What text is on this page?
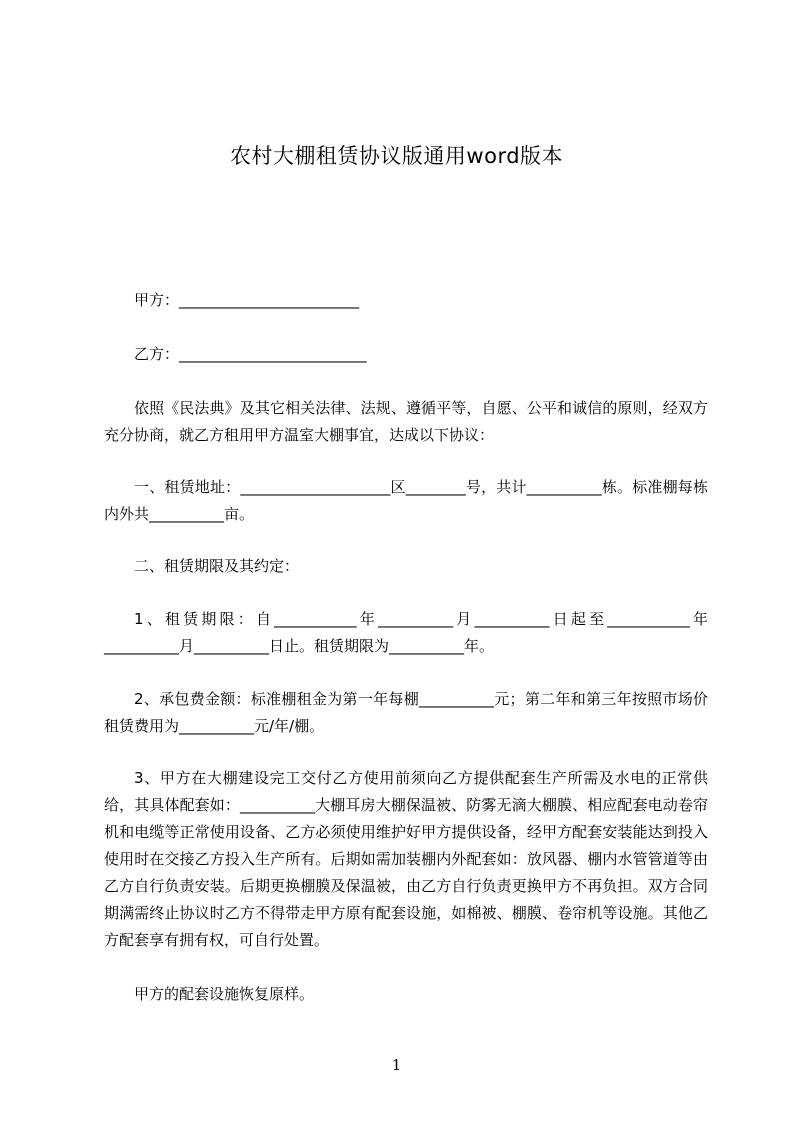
农村大棚租赁协议版通用word版本

甲方：________________________

乙方：_________________________

依照《民法典》及其它相关法律、法规、遵循平等，自愿、公平和诚信的原则，经双方充分协商，就乙方租用甲方温室大棚事宜，达成以下协议：

一、租赁地址：____________________区________号，共计__________栋。标准棚每栋内外共__________亩。

二、租赁期限及其约定：

1、租赁期限：自___________年__________月__________日起至___________年__________月__________日止。租赁期限为__________年。

2、承包费金额：标准棚租金为第一年每棚__________元；第二年和第三年按照市场价租赁费用为__________元/年/棚。

3、甲方在大棚建设完工交付乙方使用前须向乙方提供配套生产所需及水电的正常供给，其具体配套如：__________大棚耳房大棚保温被、防雾无滴大棚膜、相应配套电动卷帘机和电缆等正常使用设备、乙方必须使用维护好甲方提供设备，经甲方配套安装能达到投入使用时在交接乙方投入生产所有。后期如需加装棚内外配套如：放风器、棚内水管管道等由乙方自行负责安装。后期更换棚膜及保温被，由乙方自行负责更换甲方不再负担。双方合同期满需终止协议时乙方不得带走甲方原有配套设施，如棉被、棚膜、卷帘机等设施。其他乙方配套享有拥有权，可自行处置。

甲方的配套设施恢复原样。

1
